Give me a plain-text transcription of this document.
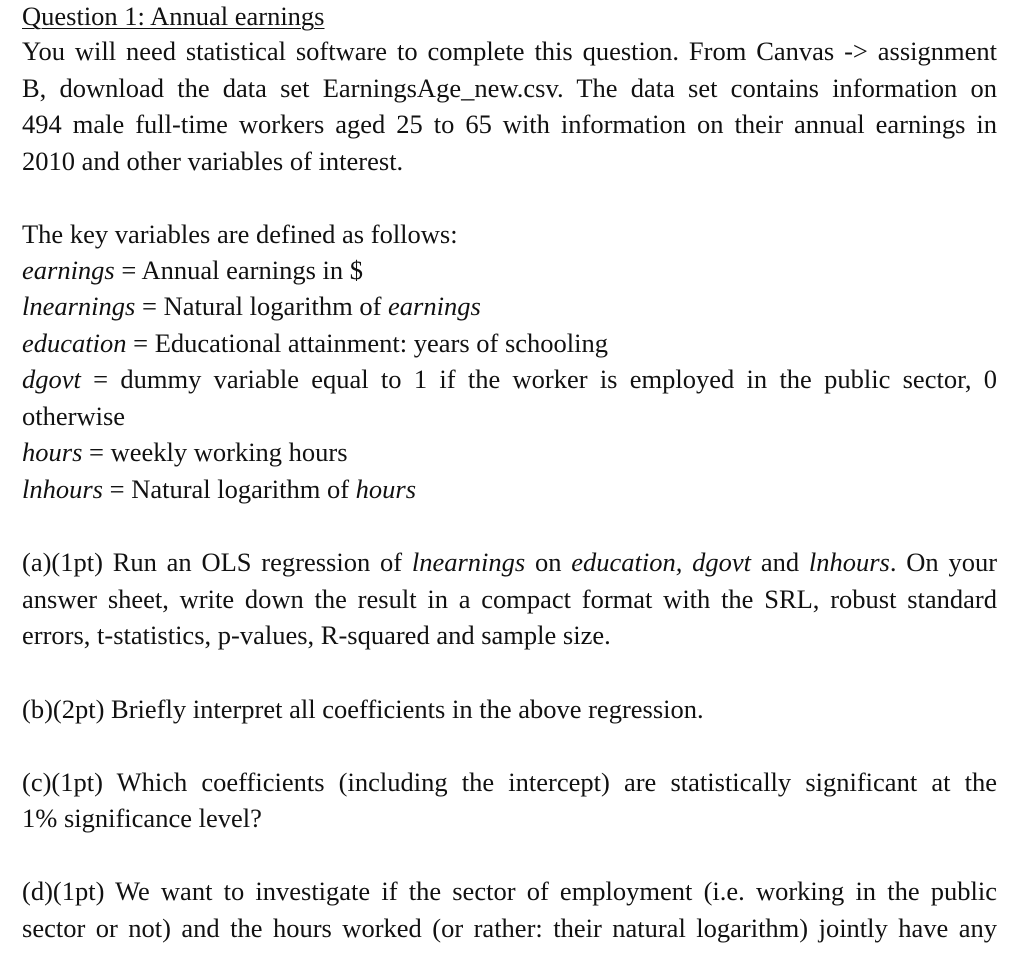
Question 1: Annual earnings
You will need statistical software to complete this question. From Canvas -> assignment
B, download the data set EarningsAge_new.csv. The data set contains information on
494 male full-time workers aged 25 to 65 with information on their annual earnings in
2010 and other variables of interest.
The key variables are defined as follows:
earnings = Annual earnings in $
lnearnings = Natural logarithm of earnings
education = Educational attainment: years of schooling
dgovt = dummy variable equal to 1 if the worker is employed in the public sector, 0
otherwise
hours = weekly working hours
lnhours = Natural logarithm of hours
(a)(1pt) Run an OLS regression of lnearnings on education, dgovt and lnhours. On your
answer sheet, write down the result in a compact format with the SRL, robust standard
errors, t-statistics, p-values, R-squared and sample size.
(b)(2pt) Briefly interpret all coefficients in the above regression.
(c)(1pt) Which coefficients (including the intercept) are statistically significant at the
1% significance level?
(d)(1pt) We want to investigate if the sector of employment (i.e. working in the public
sector or not) and the hours worked (or rather: their natural logarithm) jointly have any
